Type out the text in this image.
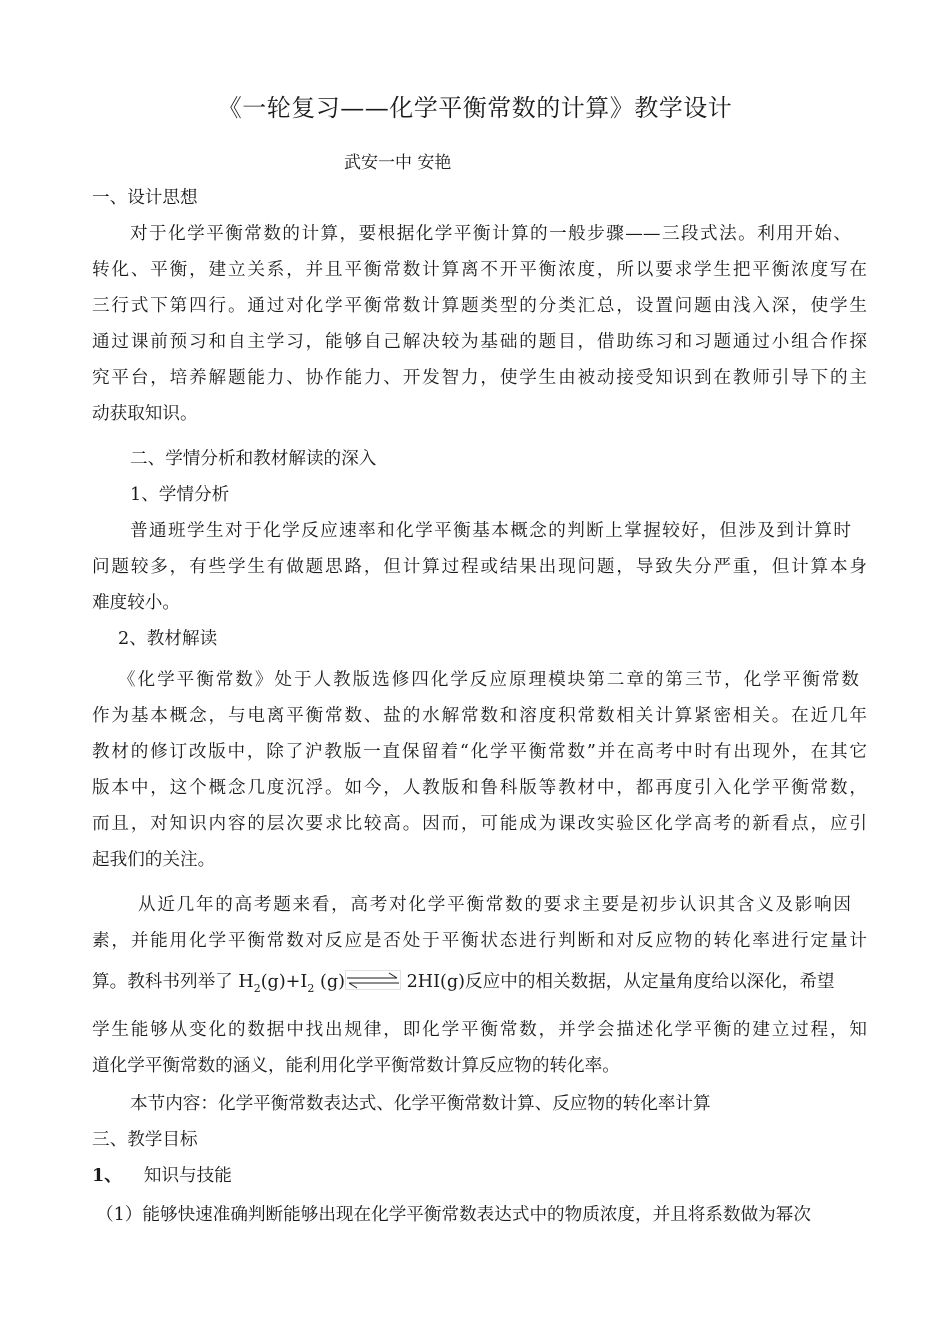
《一轮复习——化学平衡常数的计算》教学设计
武安一中 安艳
一、设计思想
对于化学平衡常数的计算，要根据化学平衡计算的一般步骤——三段式法。利用开始、
转化、平衡，建立关系，并且平衡常数计算离不开平衡浓度，所以要求学生把平衡浓度写在
三行式下第四行。通过对化学平衡常数计算题类型的分类汇总，设置问题由浅入深，使学生
通过课前预习和自主学习，能够自己解决较为基础的题目，借助练习和习题通过小组合作探
究平台，培养解题能力、协作能力、开发智力，使学生由被动接受知识到在教师引导下的主
动获取知识。
二、学情分析和教材解读的深入
1、学情分析
普通班学生对于化学反应速率和化学平衡基本概念的判断上掌握较好，但涉及到计算时
问题较多，有些学生有做题思路，但计算过程或结果出现问题，导致失分严重，但计算本身
难度较小。
2、教材解读
《化学平衡常数》处于人教版选修四化学反应原理模块第二章的第三节，化学平衡常数
作为基本概念，与电离平衡常数、盐的水解常数和溶度积常数相关计算紧密相关。在近几年
教材的修订改版中，除了沪教版一直保留着“化学平衡常数”并在高考中时有出现外，在其它
版本中，这个概念几度沉浮。如今，人教版和鲁科版等教材中，都再度引入化学平衡常数，
而且，对知识内容的层次要求比较高。因而，可能成为课改实验区化学高考的新看点，应引
起我们的关注。
从近几年的高考题来看，高考对化学平衡常数的要求主要是初步认识其含义及影响因
素，并能用化学平衡常数对反应是否处于平衡状态进行判断和对反应物的转化率进行定量计
算。教科书列举了 $H_2(g)+I_2$ (g)	2HI(g)反应中的相关数据，从定量角度给以深化，希望
学生能够从变化的数据中找出规律，即化学平衡常数，并学会描述化学平衡的建立过程，知
道化学平衡常数的涵义，能利用化学平衡常数计算反应物的转化率。
本节内容：化学平衡常数表达式、化学平衡常数计算、反应物的转化率计算
三、教学目标
1、 知识与技能
（1）能够快速准确判断能够出现在化学平衡常数表达式中的物质浓度，并且将系数做为幂次
